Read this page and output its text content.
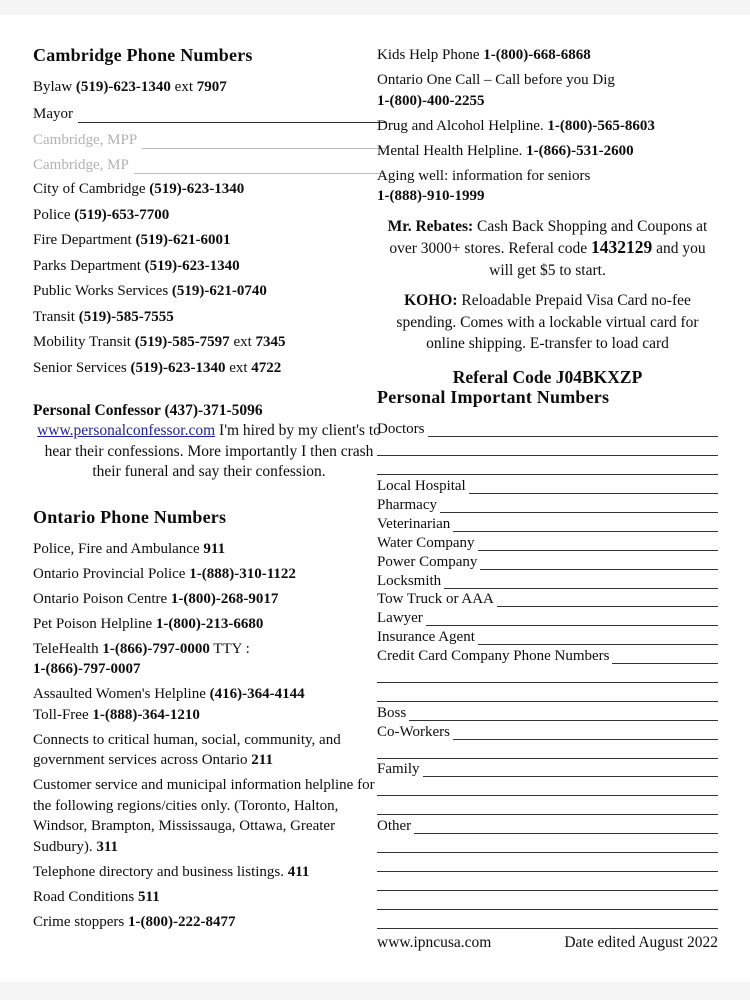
Cambridge Phone Numbers
Bylaw (519)-623-1340 ext 7907
Mayor
Cambridge, MPP
Cambridge, MP
City of Cambridge (519)-623-1340
Police (519)-653-7700
Fire Department (519)-621-6001
Parks Department (519)-623-1340
Public Works Services (519)-621-0740
Transit (519)-585-7555
Mobility Transit (519)-585-7597 ext 7345
Senior Services (519)-623-1340 ext 4722
Personal Confessor (437)-371-5096
www.personalconfessor.com I'm hired by my client's to hear their confessions. More importantly I then crash their funeral and say their confession.
Ontario Phone Numbers
Police, Fire and Ambulance 911
Ontario Provincial Police 1-(888)-310-1122
Ontario Poison Centre 1-(800)-268-9017
Pet Poison Helpline 1-(800)-213-6680
TeleHealth 1-(866)-797-0000 TTY :
1-(866)-797-0007
Assaulted Women's Helpline (416)-364-4144
Toll-Free 1-(888)-364-1210
Connects to critical human, social, community, and government services across Ontario 211
Customer service and municipal information helpline for the following regions/cities only. (Toronto, Halton, Windsor, Brampton, Mississauga, Ottawa, Greater Sudbury). 311
Telephone directory and business listings. 411
Road Conditions 511
Crime stoppers 1-(800)-222-8477
Kids Help Phone 1-(800)-668-6868
Ontario One Call – Call before you Dig
1-(800)-400-2255
Drug and Alcohol Helpline. 1-(800)-565-8603
Mental Health Helpline. 1-(866)-531-2600
Aging well: information for seniors
1-(888)-910-1999
Mr. Rebates: Cash Back Shopping and Coupons at over 3000+ stores. Referal code 1432129 and you will get $5 to start.
KOHO: Reloadable Prepaid Visa Card no-fee spending. Comes with a lockable virtual card for online shipping. E-transfer to load card
Referal Code J04BKXZP
Personal Important Numbers
Doctors
Local Hospital
Pharmacy
Veterinarian
Water Company
Power Company
Locksmith
Tow Truck or AAA
Lawyer
Insurance Agent
Credit Card Company Phone Numbers
Boss
Co-Workers
Family
Other
www.ipncusa.com	Date edited August 2022
